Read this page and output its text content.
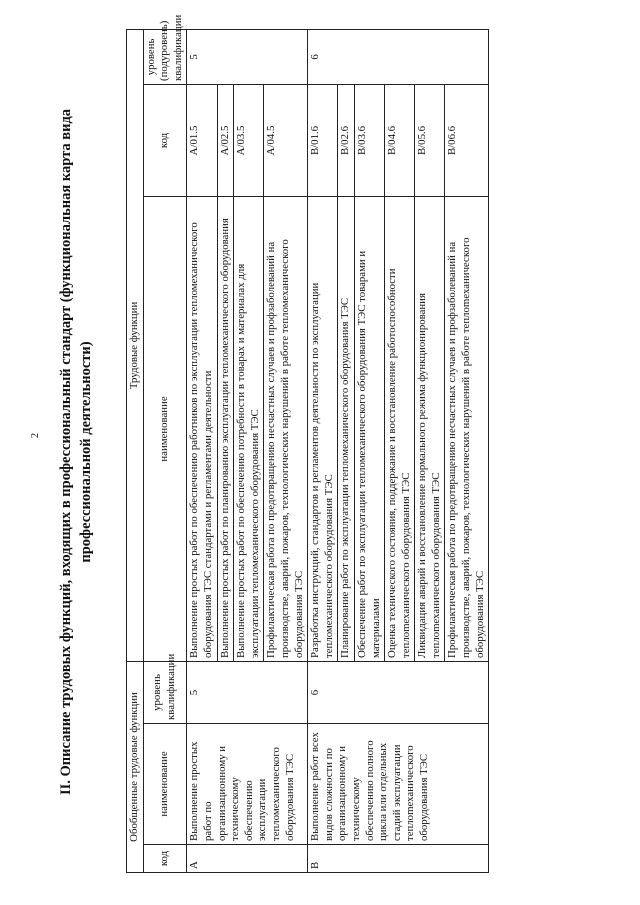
2 II. Описание трудовых функций, входящих в профессиональный стандарт (функциональная карта вида профессиональной деятельности)
Обобщенные трудовые функции			Трудовые функции		
код	наименование	уровень квалификации	наименование	код	уровень (подуровень) квалификации
A	Выполнение простых работ по организационному и техническому обеспечению эксплуатации тепломеханического оборудования ТЭС	5	Выполнение простых работ по обеспечению работников по эксплуатации тепломеханического оборудования ТЭС стандартами и регламентами деятельности	A/01.5	5
			Выполнение простых работ по планированию эксплуатации тепломеханического оборудования	A/02.5	
			Выполнение простых работ по обеспечению потребности в товарах и материалах для эксплуатации тепломеханического оборудования ТЭС	A/03.5	
			Профилактическая работа по предотвращению несчастных случаев и профзаболеваний на производстве, аварий, пожаров, технологических нарушений в работе тепломеханического оборудования ТЭС	A/04.5	
B	Выполнение работ всех видов сложности по организационному и техническому обеспечению полного цикла или отдельных стадий эксплуатации теплomеханического оборудования ТЭС	6	Разработка инструкций, стандартов и регламентов деятельности по эксплуатации тепломеханического оборудования ТЭС	B/01.6	6
			Планирование работ по эксплуатации тепломеханического оборудования ТЭС	B/02.6	
			Обеспечение работ по эксплуатации тепломеханического оборудования ТЭС товарами и материалами	B/03.6	
			Оценка технического состояния, поддержание и восстановление работоспособности теплomеханического оборудования ТЭС	B/04.6	
			Ликвидация аварий и восстановление нормального режима функционирования теплomеханического оборудования ТЭС	B/05.6	
			Профилактическая работа по предотвращению несчастных случаев и профзаболеваний на производстве, аварий, пожаров, технологических нарушений в работе теплomеханического оборудования ТЭС	B/06.6	
